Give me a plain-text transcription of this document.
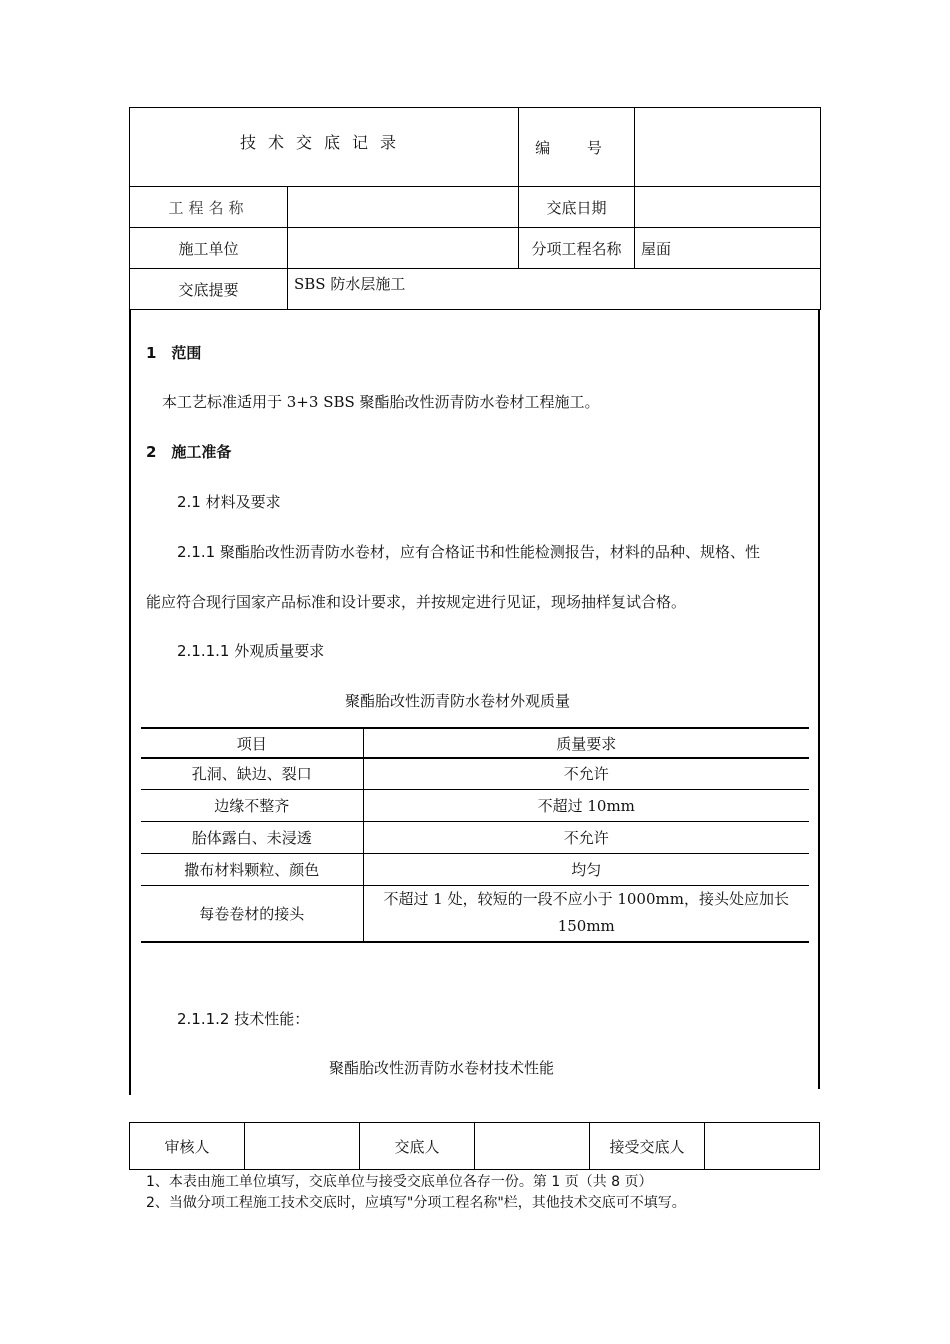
技术交底记录		编 号	
工程名称		交底日期	
施工单位		分项工程名称	屋面
交底提要	SBS 防水层施工		
1　范围
本工艺标准适用于 3+3 SBS 聚酯胎改性沥青防水卷材工程施工。
2　施工准备
2.1 材料及要求
2.1.1 聚酯胎改性沥青防水卷材，应有合格证书和性能检测报告，材料的品种、规格、性
能应符合现行国家产品标准和设计要求，并按规定进行见证，现场抽样复试合格。
2.1.1.1 外观质量要求
聚酯胎改性沥青防水卷材外观质量
项目	质量要求
孔洞、缺边、裂口	不允许
边缘不整齐	不超过 10mm
胎体露白、未浸透	不允许
撒布材料颗粒、颜色	均匀
每卷卷材的接头	不超过 1 处，较短的一段不应小于 1000mm，接头处应加长 150mm
2.1.1.2 技术性能：
聚酯胎改性沥青防水卷材技术性能
审核人		交底人		接受交底人	
1、本表由施工单位填写，交底单位与接受交底单位各存一份。第 1 页（共 8 页）
2、当做分项工程施工技术交底时，应填写"分项工程名称"栏，其他技术交底可不填写。
